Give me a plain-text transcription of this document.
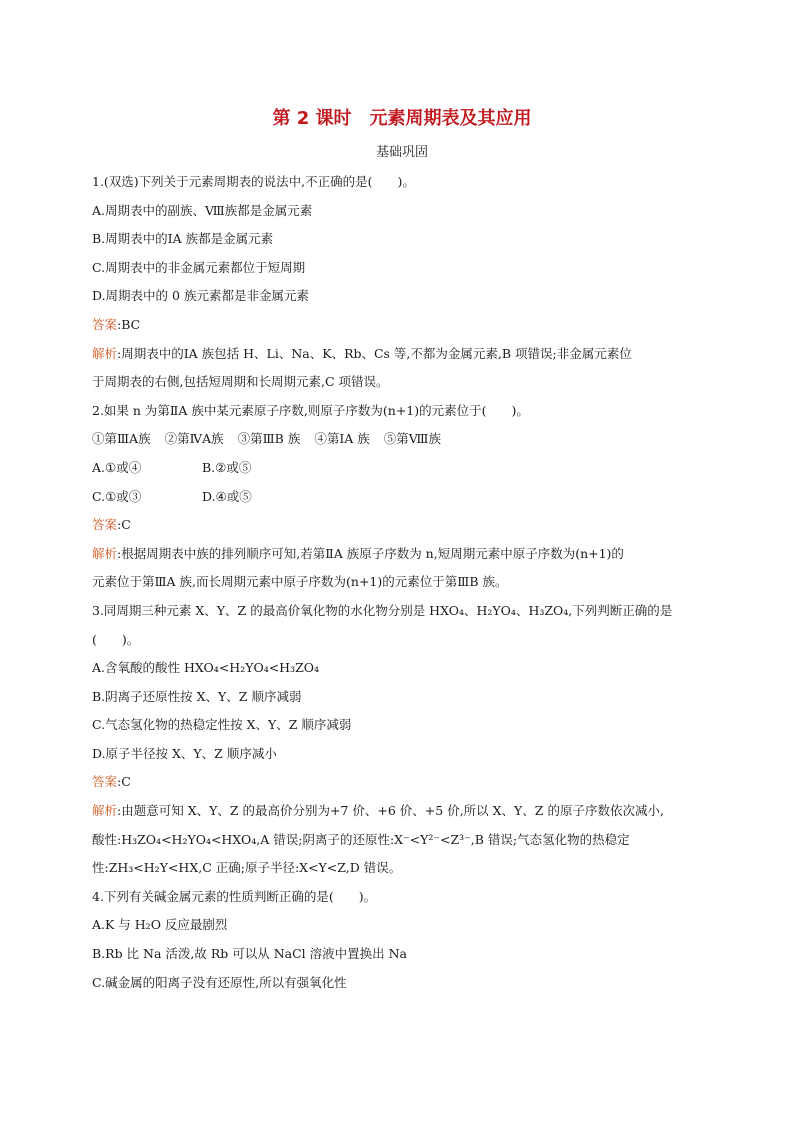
第 2 课时　元素周期表及其应用
基础巩固
1.(双选)下列关于元素周期表的说法中,不正确的是(　　)。
A.周期表中的副族、Ⅷ族都是金属元素
B.周期表中的ⅠA 族都是金属元素
C.周期表中的非金属元素都位于短周期
D.周期表中的 0 族元素都是非金属元素
答案:BC
解析:周期表中的ⅠA 族包括 H、Li、Na、K、Rb、Cs 等,不都为金属元素,B 项错误;非金属元素位
于周期表的右侧,包括短周期和长周期元素,C 项错误。
2.如果 n 为第ⅡA 族中某元素原子序数,则原子序数为(n+1)的元素位于(　　)。
①第ⅢA族 ②第ⅣA族 ③第ⅢB 族 ④第ⅠA 族 ⑤第Ⅷ族
A.①或④	B.②或⑤
C.①或③	D.④或⑤
答案:C
解析:根据周期表中族的排列顺序可知,若第ⅡA 族原子序数为 n,短周期元素中原子序数为(n+1)的
元素位于第ⅢA 族,而长周期元素中原子序数为(n+1)的元素位于第ⅢB 族。
3.同周期三种元素 X、Y、Z 的最高价氧化物的水化物分别是 HXO₄、H₂YO₄、H₃ZO₄,下列判断正确的是
(　　)。
A.含氧酸的酸性 HXO₄<H₂YO₄<H₃ZO₄
B.阴离子还原性按 X、Y、Z 顺序减弱
C.气态氢化物的热稳定性按 X、Y、Z 顺序减弱
D.原子半径按 X、Y、Z 顺序减小
答案:C
解析:由题意可知 X、Y、Z 的最高价分别为+7 价、+6 价、+5 价,所以 X、Y、Z 的原子序数依次减小,
酸性:H₃ZO₄<H₂YO₄<HXO₄,A 错误;阴离子的还原性:X⁻<Y²⁻<Z³⁻,B 错误;气态氢化物的热稳定
性:ZH₃<H₂Y<HX,C 正确;原子半径:X<Y<Z,D 错误。
4.下列有关碱金属元素的性质判断正确的是(　　)。
A.K 与 H₂O 反应最剧烈
B.Rb 比 Na 活泼,故 Rb 可以从 NaCl 溶液中置换出 Na
C.碱金属的阳离子没有还原性,所以有强氧化性
